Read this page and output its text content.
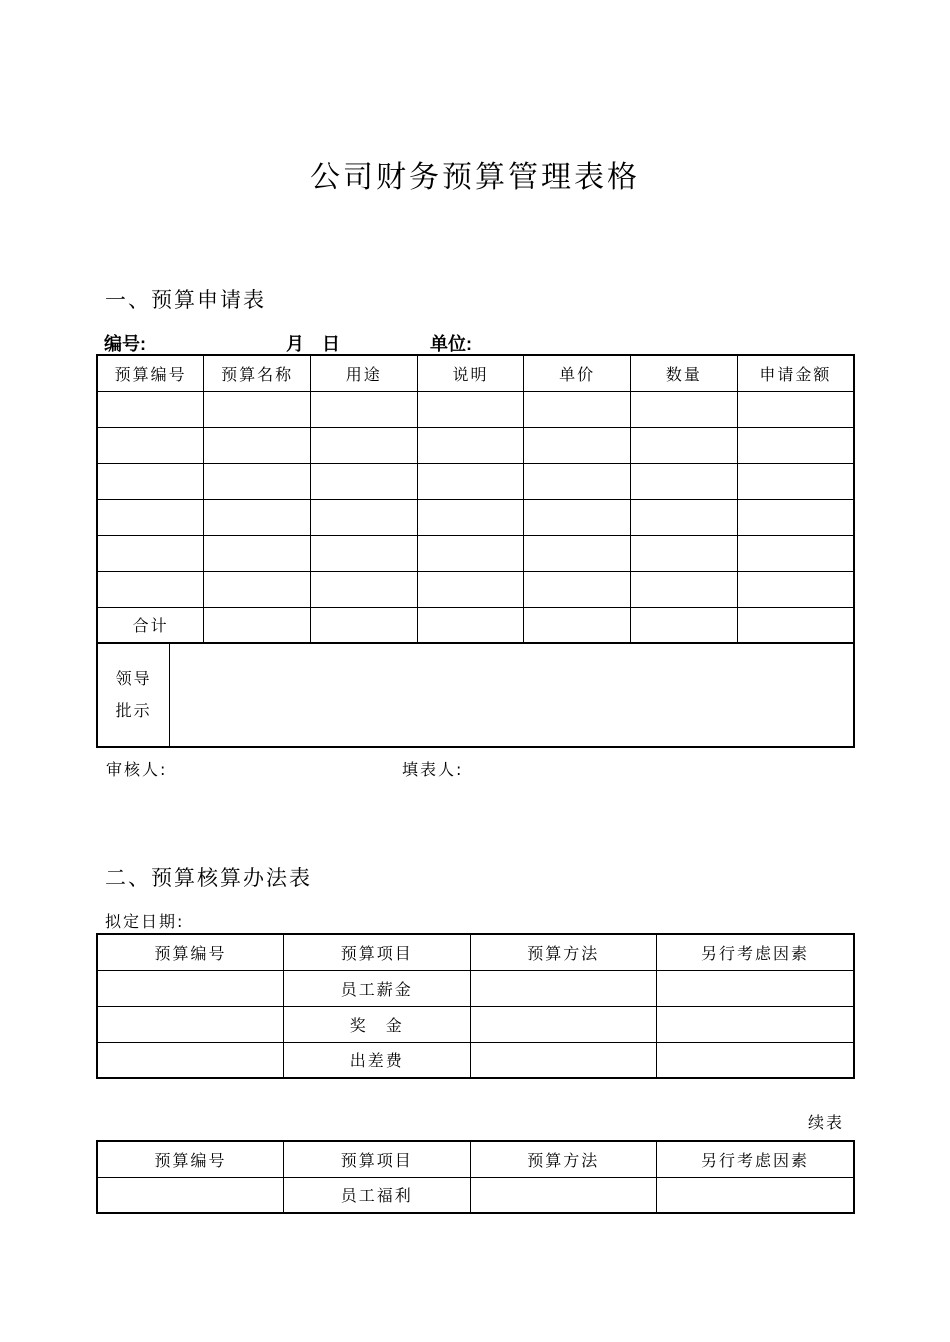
公司财务预算管理表格
一、预算申请表
编号:	月 日	单位:
预算编号	预算名称	用途	说明	单价	数量	申请金额

合计						
领导
批示

审核人:	填表人:
二、预算核算办法表
拟定日期:
预算编号	预算项目	预算方法	另行考虑因素
	员工薪金		
	奖　金		
	出差费		
续表
预算编号	预算项目	预算方法	另行考虑因素
	员工福利		
